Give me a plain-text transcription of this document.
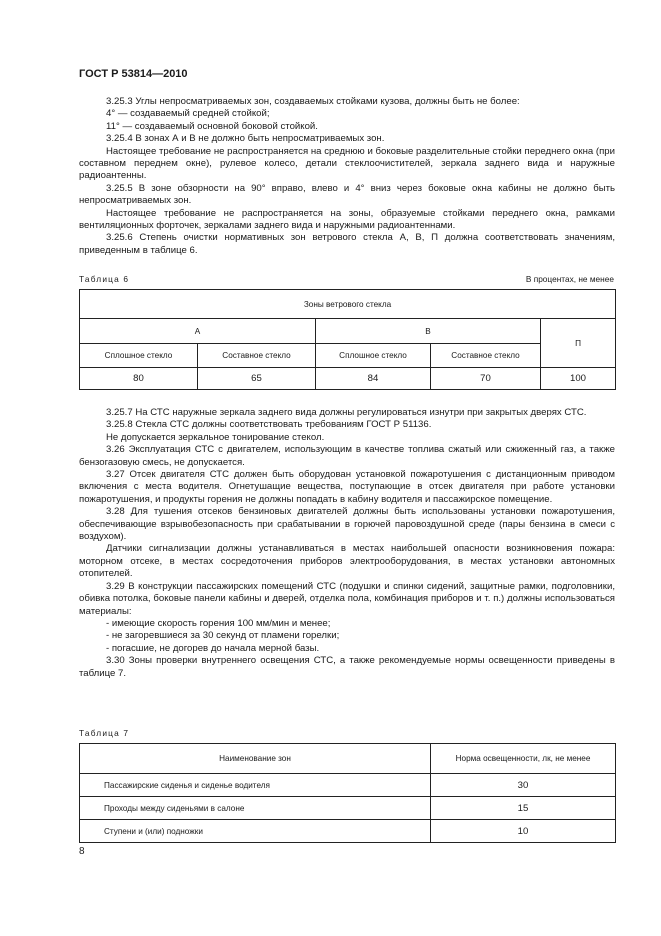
ГОСТ Р 53814—2010

3.25.3 Углы непросматриваемых зон, создаваемых стойками кузова, должны быть не более:

4° — создаваемый средней стойкой;

11° — создаваемый основной боковой стойкой.

3.25.4 В зонах А и В не должно быть непросматриваемых зон.

Настоящее требование не распространяется на среднюю и боковые разделительные стойки переднего окна (при составном переднем окне), рулевое колесо, детали стеклоочистителей, зеркала заднего вида и наружные радиоантенны.

3.25.5 В зоне обзорности на 90° вправо, влево и 4° вниз через боковые окна кабины не должно быть непросматриваемых зон.

Настоящее требование не распространяется на зоны, образуемые стойками переднего окна, рамками вентиляционных форточек, зеркалами заднего вида и наружными радиоантеннами.

3.25.6 Степень очистки нормативных зон ветрового стекла А, В, П должна соответствовать значениям, приведенным в таблице 6.

Таблица 6	В процентах, не менее
Зоны ветрового стекла				
А		В		П
Сплошное стекло	Составное стекло	Сплошное стекло	Составное стекло	
80	65	84	70	100

3.25.7 На СТС наружные зеркала заднего вида должны регулироваться изнутри при закрытых дверях СТС.

3.25.8 Стекла СТС должны соответствовать требованиям ГОСТ Р 51136.

Не допускается зеркальное тонирование стекол.

3.26 Эксплуатация СТС с двигателем, использующим в качестве топлива сжатый или сжиженный газ, а также бензогазовую смесь, не допускается.

3.27 Отсек двигателя СТС должен быть оборудован установкой пожаротушения с дистанционным приводом включения с места водителя. Огнетушащие вещества, поступающие в отсек двигателя при работе установки пожаротушения, и продукты горения не должны попадать в кабину водителя и пассажирское помещение.

3.28 Для тушения отсеков бензиновых двигателей должны быть использованы установки пожаротушения, обеспечивающие взрывобезопасность при срабатывании в горючей паровоздушной среде (пары бензина в смеси с воздухом).

Датчики сигнализации должны устанавливаться в местах наибольшей опасности возникновения пожара: моторном отсеке, в местах сосредоточения приборов электрооборудования, в местах установки автономных отопителей.

3.29 В конструкции пассажирских помещений СТС (подушки и спинки сидений, защитные рамки, подголовники, обивка потолка, боковые панели кабины и дверей, отделка пола, комбинация приборов и т. п.) должны использоваться материалы:

- имеющие скорость горения 100 мм/мин и менее;

- не загоревшиеся за 30 секунд от пламени горелки;

- погасшие, не догорев до начала мерной базы.

3.30 Зоны проверки внутреннего освещения СТС, а также рекомендуемые нормы освещенности приведены в таблице 7.

Таблица 7
Наименование зон	Норма освещенности, лк, не менее
Пассажирские сиденья и сиденье водителя	30
Проходы между сиденьями в салоне	15
Ступени и (или) подножки	10
8
